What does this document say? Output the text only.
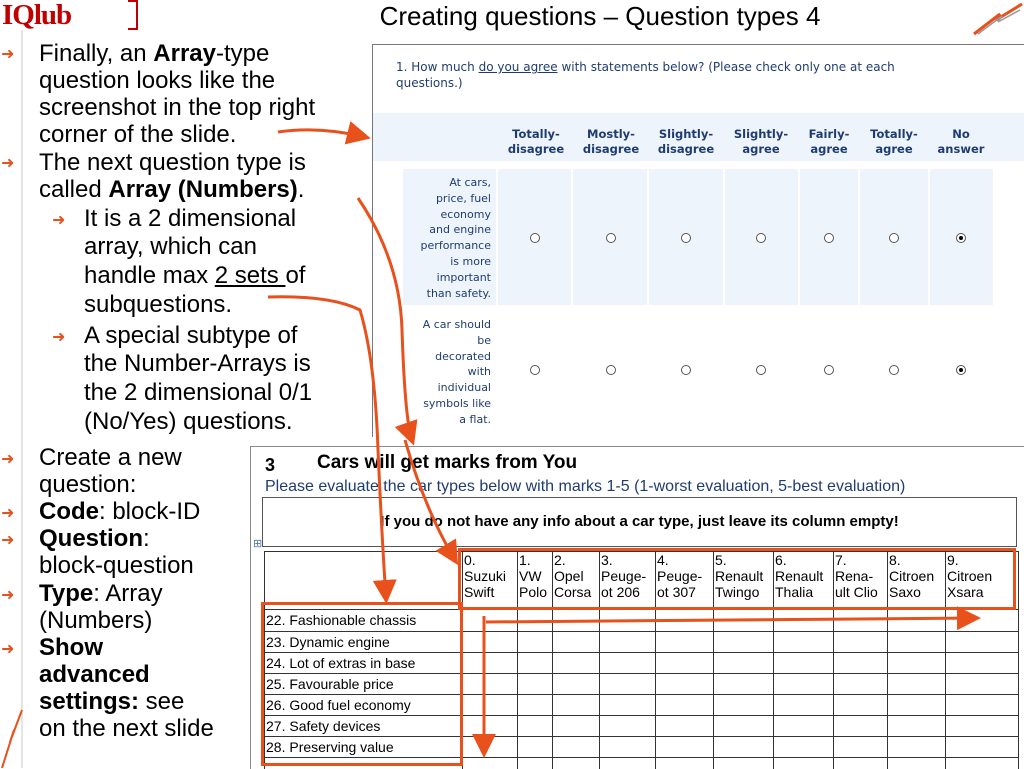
IQlub	Creating questions – Question types 4
➜ Finally, an Array-type
question looks like the
screenshot in the top right
corner of the slide.
➜ The next question type is
called Array (Numbers).
➜ It is a 2 dimensional
array, which can
handle max 2 sets of
subquestions.
➜ A special subtype of
the Number-Arrays is
the 2 dimensional 0/1
(No/Yes) questions.
➜ Create a new
question:
➜ Code: block-ID
➜ Question:
block-question
➜ Type: Array
(Numbers)
➜ Show
advanced
settings: see
on the next slide
1. How much do you agree with statements below? (Please check only one at each
questions.)
Totally- disagree
Mostly- disagree
Slightly- disagree
Slightly- agree
Fairly- agree
Totally- agree
No answer
At cars,
price, fuel
economy
and engine
performance
is more
important
than safety.
A car should
be
decorated
with
individual
symbols like
a flat.
3 Cars will get marks from You
Please evaluate the car types below with marks 1-5 (1-worst evaluation, 5-best evaluation)
If you do not have any info about a car type, just leave its column empty!
⊞
0.
Suzuki
Swift
1.
VW
Polo
2.
Opel
Corsa
3.
Peuge-
ot 206
4.
Peuge-
ot 307
5.
Renault
Twingo
6.
Renault
Thalia
7.
Rena-
ult Clio
8.
Citroen
Saxo
9.
Citroen
Xsara
22. Fashionable chassis
23. Dynamic engine
24. Lot of extras in base
25. Favourable price
26. Good fuel economy
27. Safety devices
28. Preserving value
